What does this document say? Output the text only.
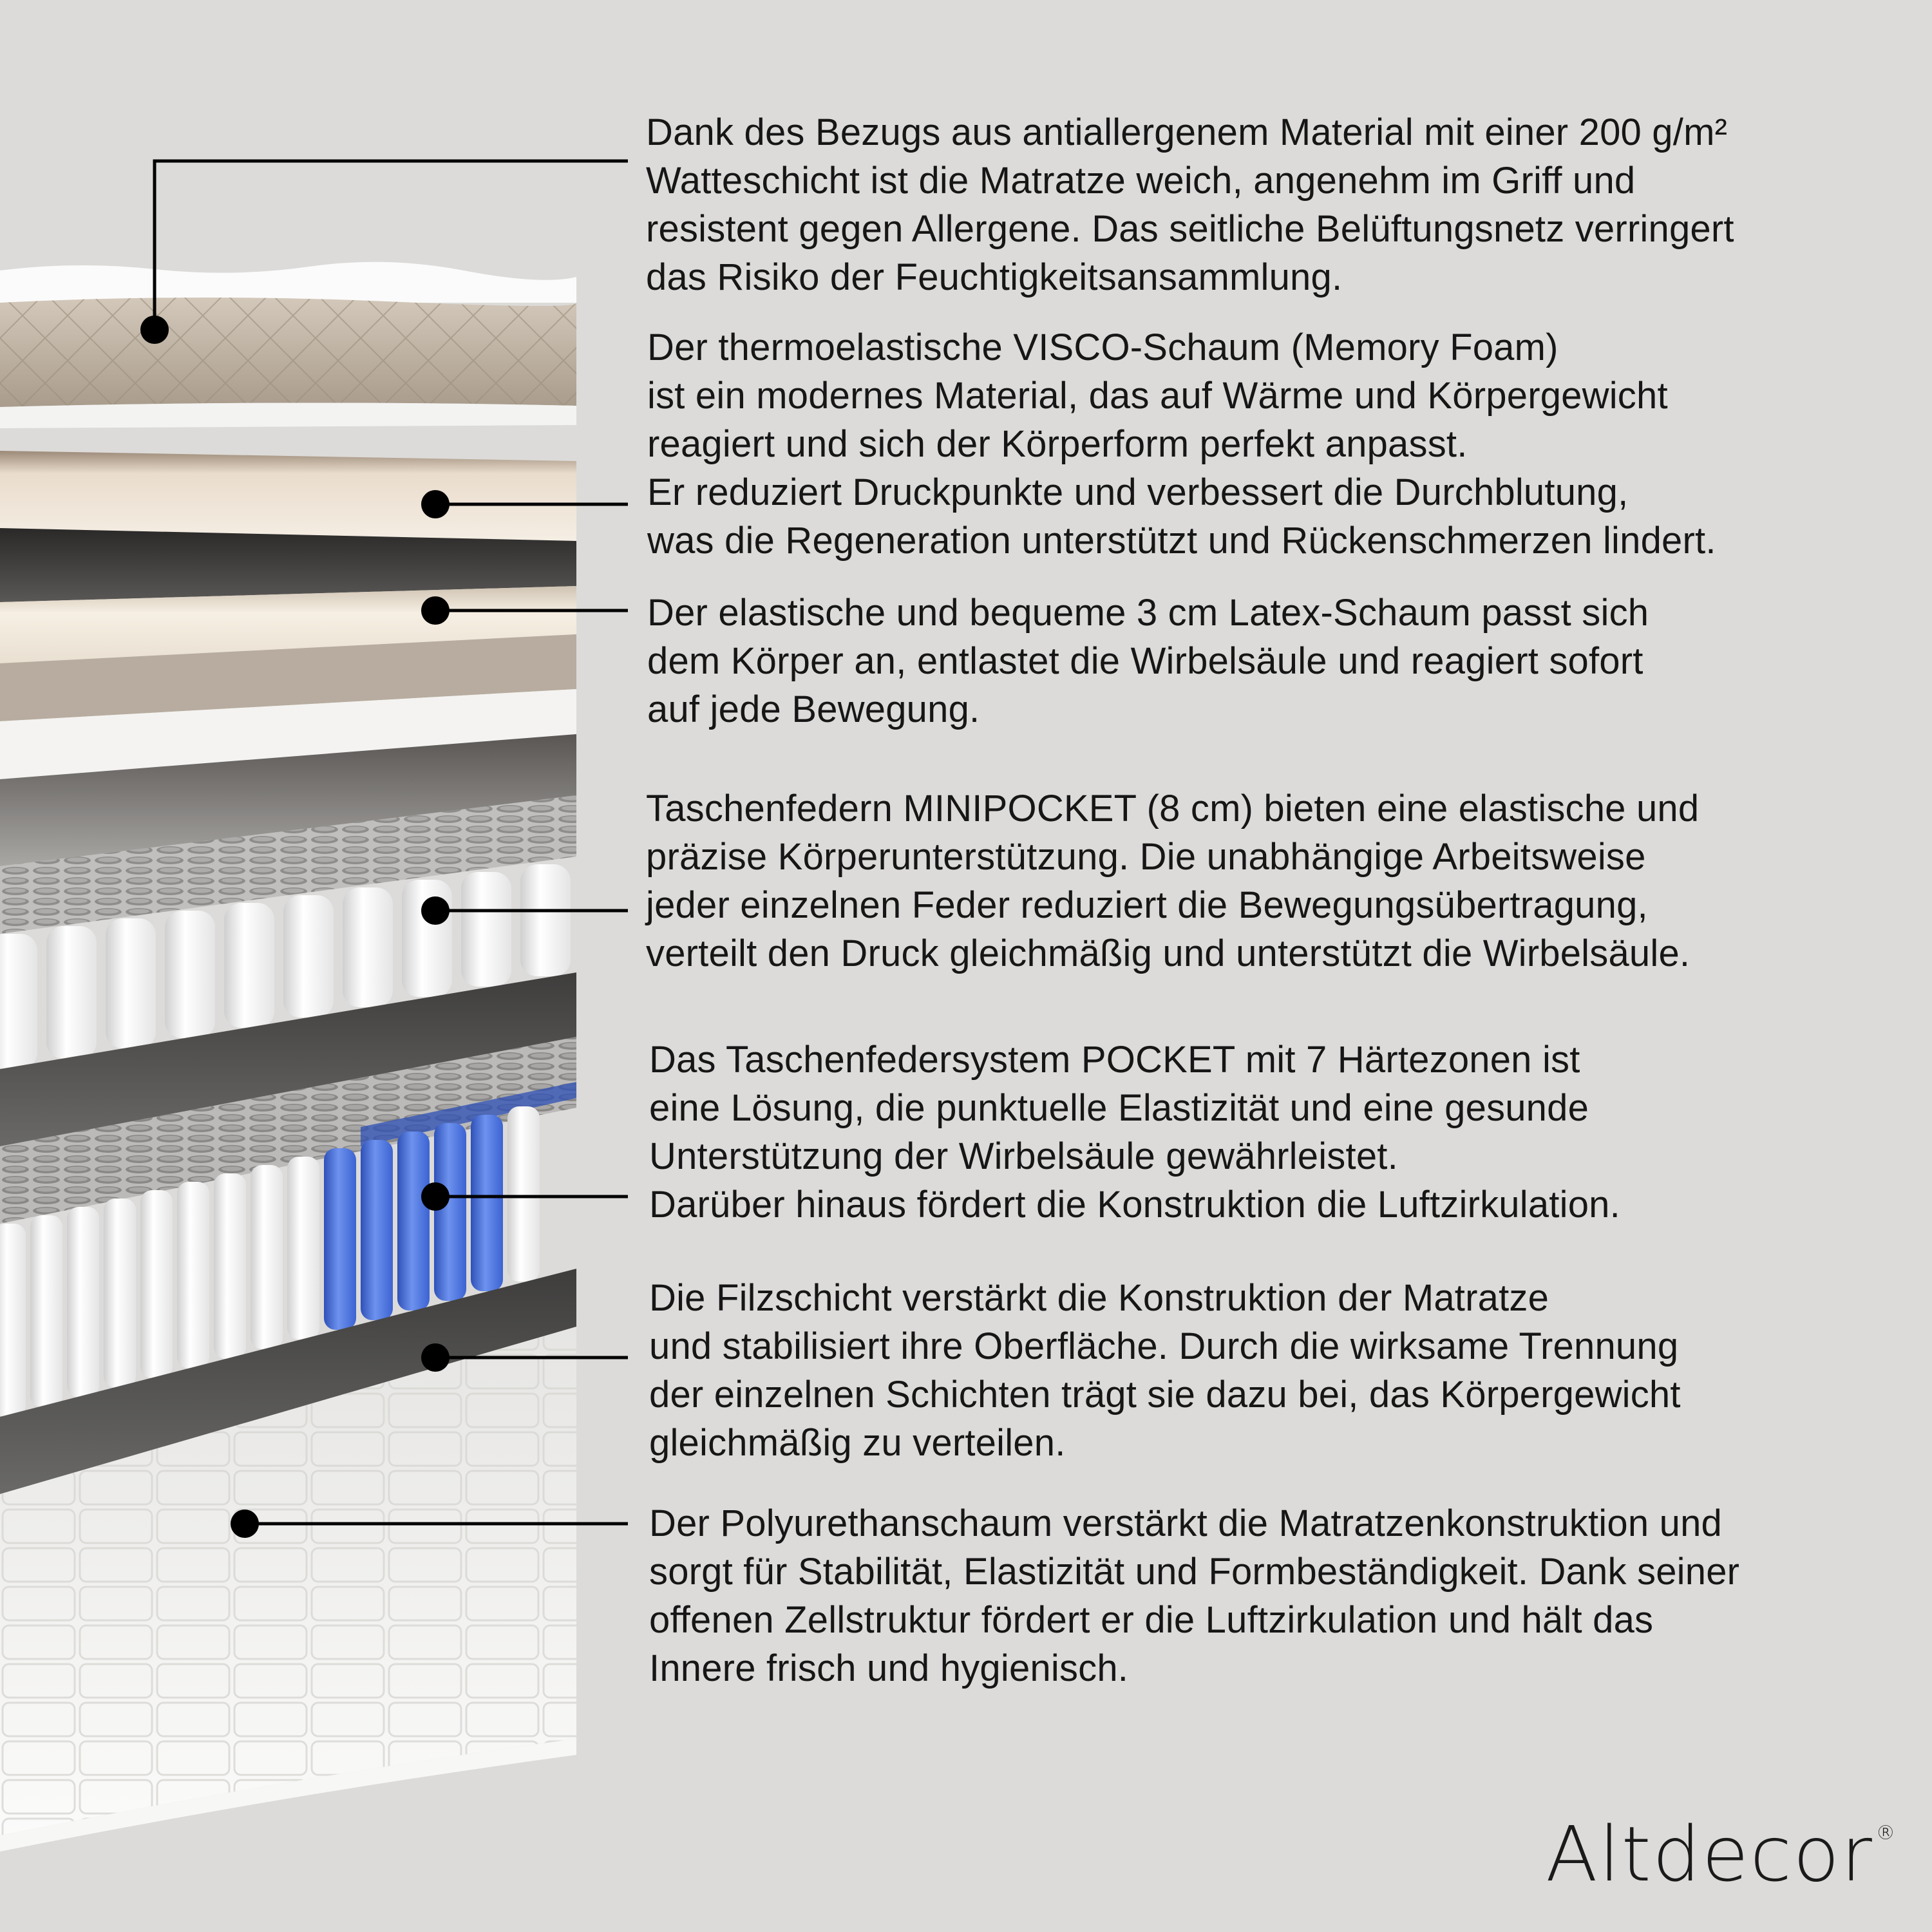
Dank des Bezugs aus antiallergenem Material mit einer 200 g/m²
Watteschicht ist die Matratze weich, angenehm im Griff und
resistent gegen Allergene. Das seitliche Belüftungsnetz verringert
das Risiko der Feuchtigkeitsansammlung.
Der thermoelastische VISCO-Schaum (Memory Foam)
ist ein modernes Material, das auf Wärme und Körpergewicht
reagiert und sich der Körperform perfekt anpasst.
Er reduziert Druckpunkte und verbessert die Durchblutung,
was die Regeneration unterstützt und Rückenschmerzen lindert.
Der elastische und bequeme 3 cm Latex-Schaum passt sich
dem Körper an, entlastet die Wirbelsäule und reagiert sofort
auf jede Bewegung.
Taschenfedern MINIPOCKET (8 cm) bieten eine elastische und
präzise Körperunterstützung. Die unabhängige Arbeitsweise
jeder einzelnen Feder reduziert die Bewegungsübertragung,
verteilt den Druck gleichmäßig und unterstützt die Wirbelsäule.
Das Taschenfedersystem POCKET mit 7 Härtezonen ist
eine Lösung, die punktuelle Elastizität und eine gesunde
Unterstützung der Wirbelsäule gewährleistet.
Darüber hinaus fördert die Konstruktion die Luftzirkulation.
Die Filzschicht verstärkt die Konstruktion der Matratze
und stabilisiert ihre Oberfläche. Durch die wirksame Trennung
der einzelnen Schichten trägt sie dazu bei, das Körpergewicht
gleichmäßig zu verteilen.
Der Polyurethanschaum verstärkt die Matratzenkonstruktion und
sorgt für Stabilität, Elastizität und Formbeständigkeit. Dank seiner
offenen Zellstruktur fördert er die Luftzirkulation und hält das
Innere frisch und hygienisch.
Altdecor ®
